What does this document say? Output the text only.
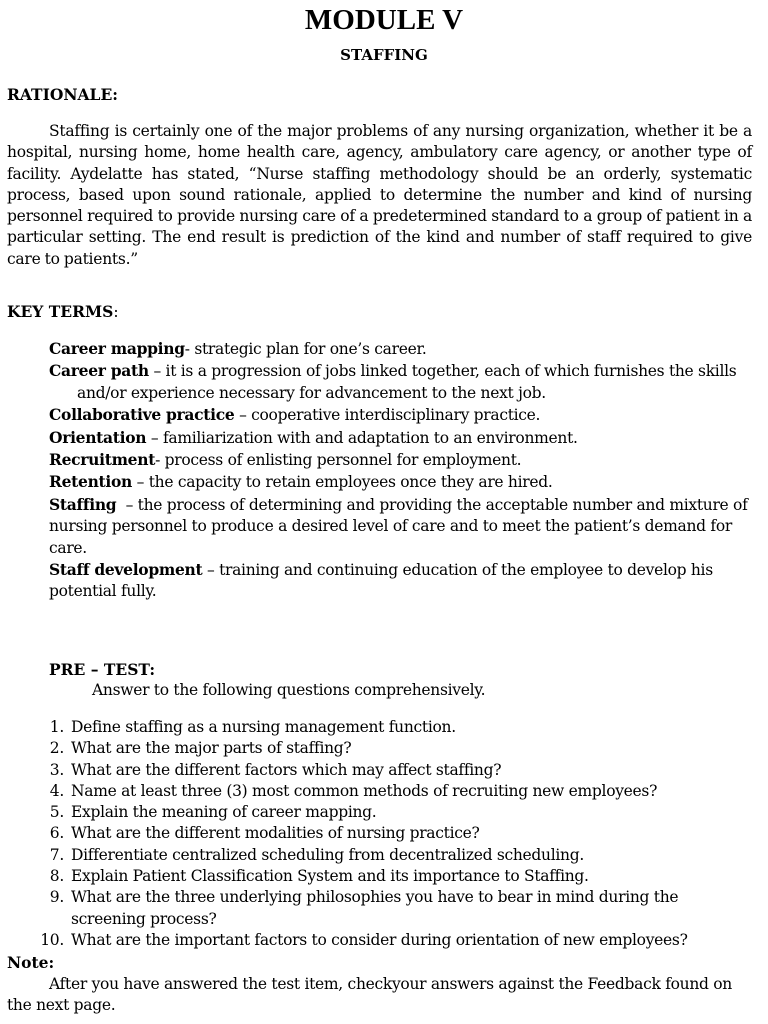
MODULE V
STAFFING
RATIONALE:

Staffing is certainly one of the major problems of any nursing organization, whether it be a hospital, nursing home, home health care, agency, ambulatory care agency, or another type of facility. Aydelatte has stated, “Nurse staffing methodology should be an orderly, systematic process, based upon sound rationale, applied to determine the number and kind of nursing personnel required to provide nursing care of a predetermined standard to a group of patient in a particular setting. The end result is prediction of the kind and number of staff required to give care to patients.”

KEY TERMS:

Career mapping- strategic plan for one’s career.

Career path – it is a progression of jobs linked together, each of which furnishes the skills and/or experience necessary for advancement to the next job.

Collaborative practice – cooperative interdisciplinary practice.

Orientation – familiarization with and adaptation to an environment.

Recruitment- process of enlisting personnel for employment.

Retention – the capacity to retain employees once they are hired.

Staffing  – the process of determining and providing the acceptable number and mixture of nursing personnel to produce a desired level of care and to meet the patient’s demand for care.

Staff development – training and continuing education of the employee to develop his potential fully.

PRE – TEST:
Answer to the following questions comprehensively.
1. Define staffing as a nursing management function.
2. What are the major parts of staffing?
3. What are the different factors which may affect staffing?
4. Name at least three (3) most common methods of recruiting new employees?
5. Explain the meaning of career mapping.
6. What are the different modalities of nursing practice?
7. Differentiate centralized scheduling from decentralized scheduling.
8. Explain Patient Classification System and its importance to Staffing.
9. What are the three underlying philosophies you have to bear in mind during the screening process?
10. What are the important factors to consider during orientation of new employees?
Note:

After you have answered the test item, checkyour answers against the Feedback found on the next page.
